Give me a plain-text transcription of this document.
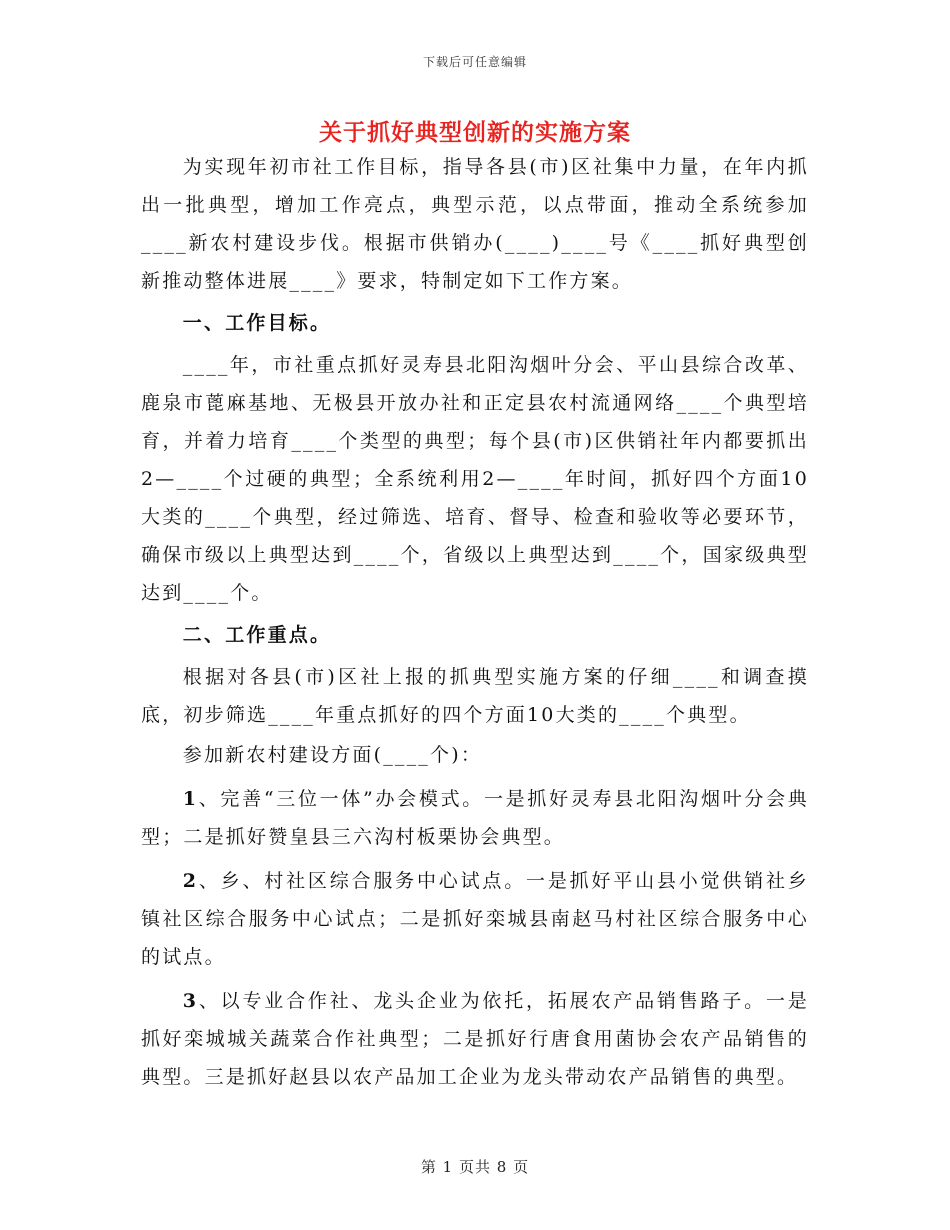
下载后可任意编辑
关于抓好典型创新的实施方案

为实现年初市社工作目标，指导各县(市)区社集中力量，在年内抓出一批典型，增加工作亮点，典型示范，以点带面，推动全系统参加____新农村建设步伐。根据市供销办(____)____号《____抓好典型创新推动整体进展____》要求，特制定如下工作方案。

一、工作目标。

____年，市社重点抓好灵寿县北阳沟烟叶分会、平山县综合改革、鹿泉市蓖麻基地、无极县开放办社和正定县农村流通网络____个典型培育，并着力培育____个类型的典型；每个县(市)区供销社年内都要抓出2—____个过硬的典型；全系统利用2—____年时间，抓好四个方面10大类的____个典型，经过筛选、培育、督导、检查和验收等必要环节，确保市级以上典型达到____个，省级以上典型达到____个，国家级典型达到____个。

二、工作重点。

根据对各县(市)区社上报的抓典型实施方案的仔细____和调查摸底，初步筛选____年重点抓好的四个方面10大类的____个典型。

参加新农村建设方面(____个)：

1、完善“三位一体”办会模式。一是抓好灵寿县北阳沟烟叶分会典型；二是抓好赞皇县三六沟村板栗协会典型。

2、乡、村社区综合服务中心试点。一是抓好平山县小觉供销社乡镇社区综合服务中心试点；二是抓好栾城县南赵马村社区综合服务中心的试点。

3、以专业合作社、龙头企业为依托，拓展农产品销售路子。一是抓好栾城城关蔬菜合作社典型；二是抓好行唐食用菌协会农产品销售的典型。三是抓好赵县以农产品加工企业为龙头带动农产品销售的典型。

第 1 页共 8 页
